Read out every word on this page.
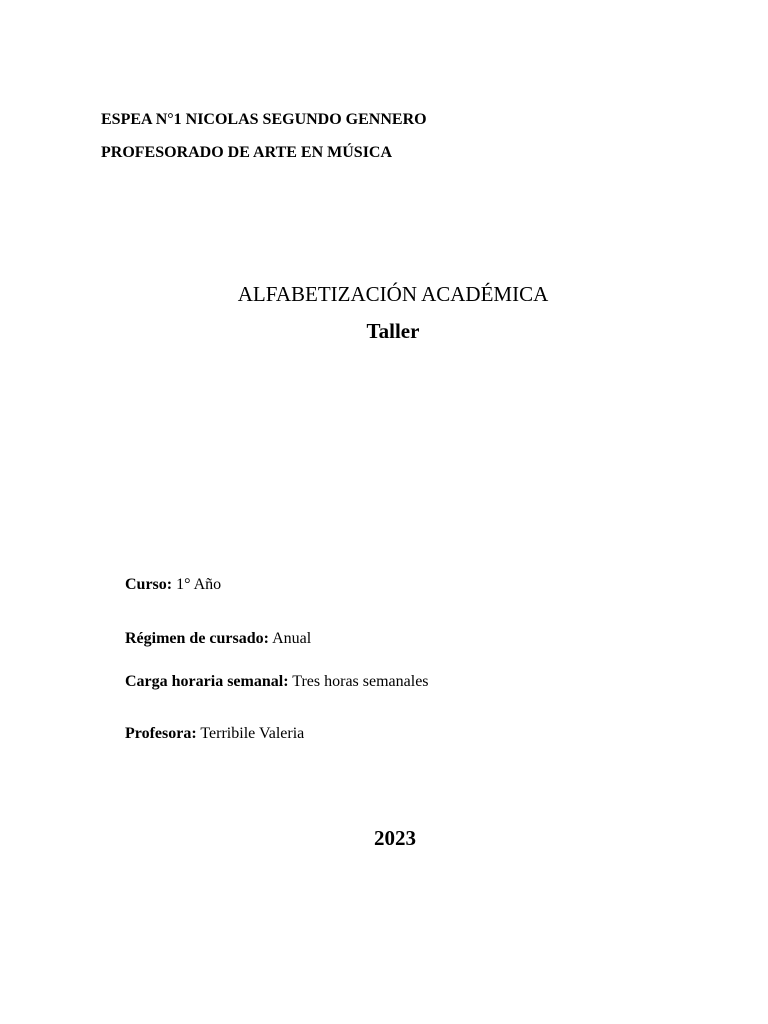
ESPEA N°1 NICOLAS SEGUNDO GENNERO
PROFESORADO DE ARTE EN MÚSICA
ALFABETIZACIÓN ACADÉMICA
Taller
Curso: 1° Año
Régimen de cursado: Anual
Carga horaria semanal: Tres horas semanales
Profesora: Terribile Valeria
2023
